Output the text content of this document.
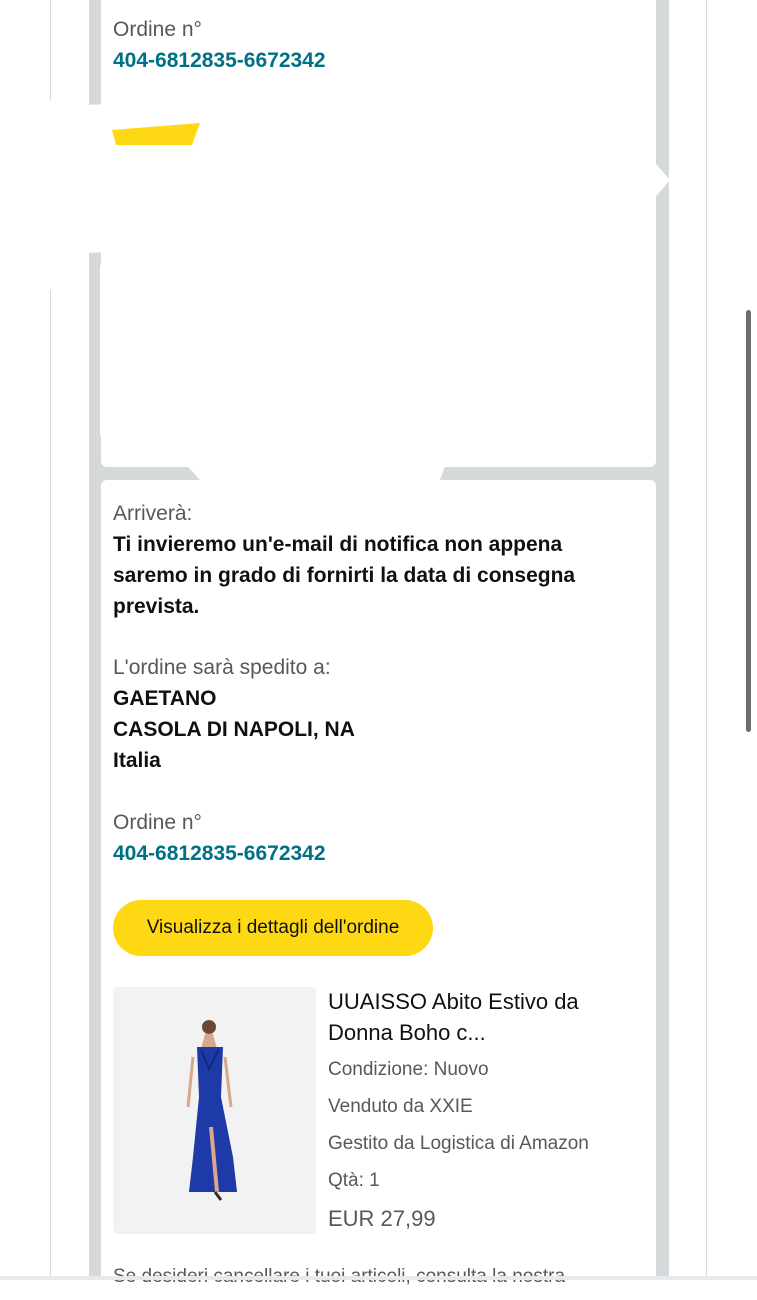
Ordine n°
404-6812835-6672342
Arriverà:
Ti invieremo un'e-mail di notifica non appena
saremo in grado di fornirti la data di consegna
prevista.
L'ordine sarà spedito a:
GAETANO
CASOLA DI NAPOLI, NA
Italia
Ordine n°
404-6812835-6672342
Visualizza i dettagli dell'ordine
UUAISSO Abito Estivo da
Donna Boho c...
Condizione: Nuovo
Venduto da XXIE
Gestito da Logistica di Amazon
Qtà: 1
EUR 27,99
